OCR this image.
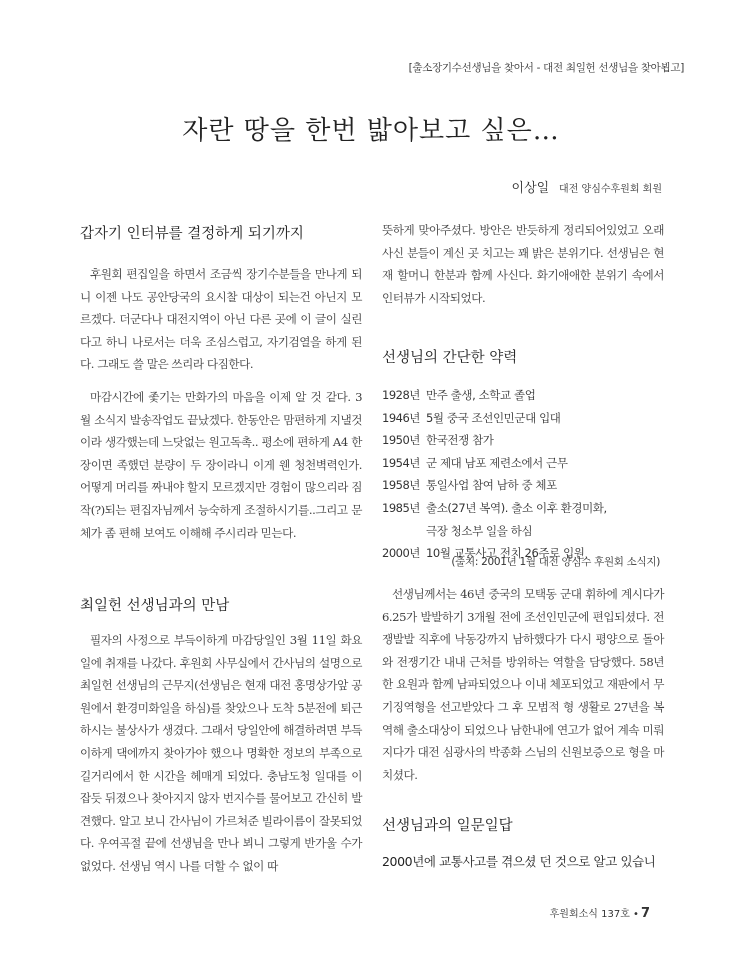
[출소장기수선생님을 찾아서 - 대전 최일헌 선생님을 찾아뵙고]
자란 땅을 한번 밟아보고 싶은…
이상일 대전 양심수후원회 회원
갑자기 인터뷰를 결정하게 되기까지

후원회 편집일을 하면서 조금씩 장기수분들을 만나게 되니 이젠 나도 공안당국의 요시찰 대상이 되는건 아닌지 모르겠다. 더군다나 대전지역이 아닌 다른 곳에 이 글이 실린다고 하니 나로서는 더욱 조심스럽고, 자기검열을 하게 된다. 그래도 쓸 말은 쓰리라 다짐한다.

마감시간에 좇기는 만화가의 마음을 이제 알 것 같다. 3월 소식지 발송작업도 끝났겠다. 한동안은 맘편하게 지낼것이라 생각했는데 느닷없는 원고독촉.. 평소에 편하게 A4 한 장이면 족했던 분량이 두 장이라니 이게 웬 청천벽력인가. 어떻게 머리를 짜내야 할지 모르겠지만 경험이 많으리라 짐작(?)되는 편집자님께서 능숙하게 조절하시기를..그리고 문체가 좀 편해 보여도 이해해 주시리라 믿는다.

뜻하게 맞아주셨다. 방안은 반듯하게 정리되어있었고 오래 사신 분들이 계신 곳 치고는 꽤 밝은 분위기다. 선생님은 현재 할머니 한분과 함께 사신다. 화기애애한 분위기 속에서 인터뷰가 시작되었다.

선생님의 간단한 약력
1928년 만주 출생, 소학교 졸업
1946년 5월 중국 조선인민군대 입대
1950년 한국전쟁 참가
1954년 군 제대 남포 제련소에서 근무
1958년 통일사업 참여 남하 중 체포
1985년 출소(27년 복역). 출소 이후 환경미화,
극장 청소부 일을 하심
2000년 10월 교통사고 전치 26주로 입원
(출처: 2001년 1월 대전 양심수 후원회 소식지)
최일헌 선생님과의 만남

필자의 사정으로 부득이하게 마감당일인 3월 11일 화요일에 취재를 나갔다. 후원회 사무실에서 간사님의 설명으로 최일헌 선생님의 근무지(선생님은 현재 대전 홍명상가앞 공원에서 환경미화일을 하심)를 찾았으나 도착 5분전에 퇴근하시는 불상사가 생겼다. 그래서 당일안에 해결하려면 부득이하게 댁에까지 찾아가야 했으나 명확한 정보의 부족으로 길거리에서 한 시간을 헤매게 되었다. 충남도청 일대를 이잡듯 뒤졌으나 찾아지지 않자 번지수를 물어보고 간신히 발견했다. 알고 보니 간사님이 가르쳐준 빌라이름이 잘못되었다. 우여곡절 끝에 선생님을 만나 뵈니 그렇게 반가울 수가 없었다. 선생님 역시 나를 더할 수 없이 따

선생님께서는 46년 중국의 모택동 군대 휘하에 계시다가 6.25가 발발하기 3개월 전에 조선인민군에 편입되셨다. 전쟁발발 직후에 낙동강까지 남하했다가 다시 평양으로 돌아와 전쟁기간 내내 근처를 방위하는 역할을 담당했다. 58년 한 요원과 함께 남파되었으나 이내 체포되었고 재판에서 무기징역형을 선고받았다 그 후 모범적 형 생활로 27년을 복역해 출소대상이 되었으나 남한내에 연고가 없어 계속 미뤄지다가 대전 심광사의 박종화 스님의 신원보증으로 형을 마치셨다.

선생님과의 일문일답
2000년에 교통사고를 겪으셨 던 것으로 알고 있습니
후원회소식 137호 • 7
